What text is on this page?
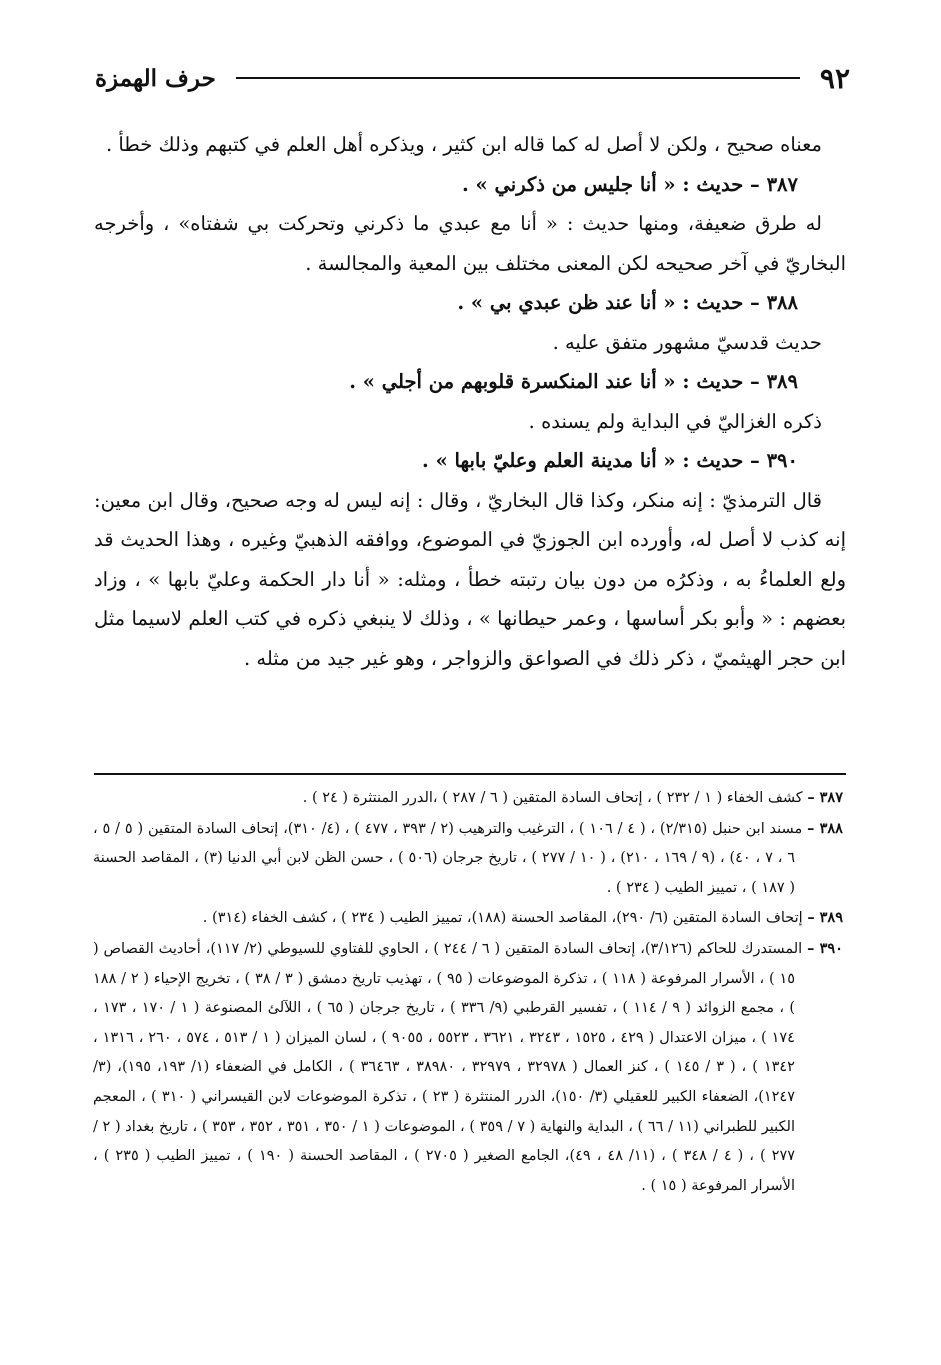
٩٢
حرف الهمزة

معناه صحيح ، ولكن لا أصل له كما قاله ابن كثير ، ويذكره أهل العلم في كتبهم وذلك خطأ .

٣٨٧ – حديث : « أنا جليس من ذكرني » .

له طرق ضعيفة، ومنها حديث : « أنا مع عبدي ما ذكرني وتحركت بي شفتاه» ، وأخرجه البخاريّ في آخر صحيحه لكن المعنى مختلف بين المعية والمجالسة .

٣٨٨ – حديث : « أنا عند ظن عبدي بي » .

حديث قدسيّ مشهور متفق عليه .

٣٨٩ – حديث : « أنا عند المنكسرة قلوبهم من أجلي » .

ذكره الغزاليّ في البداية ولم يسنده .

٣٩٠ – حديث : « أنا مدينة العلم وعليّ بابها » .

قال الترمذيّ : إنه منكر، وكذا قال البخاريّ ، وقال : إنه ليس له وجه صحيح، وقال ابن معين: إنه كذب لا أصل له، وأورده ابن الجوزيّ في الموضوع، ووافقه الذهبيّ وغيره ، وهذا الحديث قد ولع العلماءُ به ، وذكرُه من دون بيان رتبته خطأ ، ومثله: « أنا دار الحكمة وعليّ بابها » ، وزاد بعضهم : « وأبو بكر أساسها ، وعمر حيطانها » ، وذلك لا ينبغي ذكره في كتب العلم لاسيما مثل ابن حجر الهيثميّ ، ذكر ذلك في الصواعق والزواجر ، وهو غير جيد من مثله .

٣٨٧ – كشف الخفاء ( ١ / ٢٣٢ ) ، إتحاف السادة المتقين ( ٦ / ٢٨٧ ) ،الدرر المنتثرة ( ٢٤ ) .

٣٨٨ – مسند ابن حنبل (٢/٣١٥) ، ( ٤ / ١٠٦ ) ، الترغيب والترهيب (٢ / ٣٩٣ ، ٤٧٧ ) ، (٤/ ٣١٠)، إتحاف السادة المتقين ( ٥ / ٥ ، ٦ ، ٧ ، ٤٠) ، (٩ / ١٦٩ ، ٢١٠) ، ( ١٠ / ٢٧٧ ) ، تاريخ جرجان (٥٠٦ ) ، حسن الظن لابن أبي الدنيا (٣) ، المقاصد الحسنة ( ١٨٧ ) ، تمييز الطيب ( ٢٣٤ ) .

٣٨٩ – إتحاف السادة المتقين (٦/ ٢٩٠)، المقاصد الحسنة (١٨٨)، تمييز الطيب ( ٢٣٤ ) ، كشف الخفاء (٣١٤) .

٣٩٠ – المستدرك للحاكم (٣/١٢٦)، إتحاف السادة المتقين ( ٦ / ٢٤٤ ) ، الحاوي للفتاوي للسيوطي (٢/ ١١٧)، أحاديث القصاص ( ١٥ ) ، الأسرار المرفوعة ( ١١٨ ) ، تذكرة الموضوعات ( ٩٥ ) ، تهذيب تاريخ دمشق ( ٣ / ٣٨ ) ، تخريج الإحياء ( ٢ / ١٨٨ ) ، مجمع الزوائد ( ٩ / ١١٤ ) ، تفسير القرطبي (٩/ ٣٣٦ ) ، تاريخ جرجان ( ٦٥ ) ، اللآلئ المصنوعة ( ١ / ١٧٠ ، ١٧٣ ، ١٧٤ ) ، ميزان الاعتدال ( ٤٢٩ ، ١٥٢٥ ، ٣٢٤٣ ، ٣٦٢١ ، ٥٥٢٣ ، ٩٠٥٥ ) ، لسان الميزان ( ١ / ٥١٣ ، ٥٧٤ ، ٢٦٠ ، ١٣١٦ ، ١٣٤٢ ) ، ( ٣ / ١٤٥ ) ، كنز العمال ( ٣٢٩٧٨ ، ٣٢٩٧٩ ، ٣٨٩٨٠ ، ٣٦٤٦٣ ) ، الكامل في الضعفاء (١/ ١٩٣، ١٩٥)، (٣/ ١٢٤٧)، الضعفاء الكبير للعقيلي (٣/ ١٥٠)، الدرر المنتثرة ( ٢٣ ) ، تذكرة الموضوعات لابن القيسراني ( ٣١٠ ) ، المعجم الكبير للطبراني (١١ / ٦٦ ) ، البداية والنهاية ( ٧ / ٣٥٩ ) ، الموضوعات ( ١ / ٣٥٠ ، ٣٥١ ، ٣٥٢ ، ٣٥٣ ) ، تاريخ بغداد ( ٢ / ٢٧٧ ) ، ( ٤ / ٣٤٨ ) ، (١١/ ٤٨ ، ٤٩)، الجامع الصغير ( ٢٧٠٥ ) ، المقاصد الحسنة ( ١٩٠ ) ، تمييز الطيب ( ٢٣٥ ) ، الأسرار المرفوعة ( ١٥ ) .
